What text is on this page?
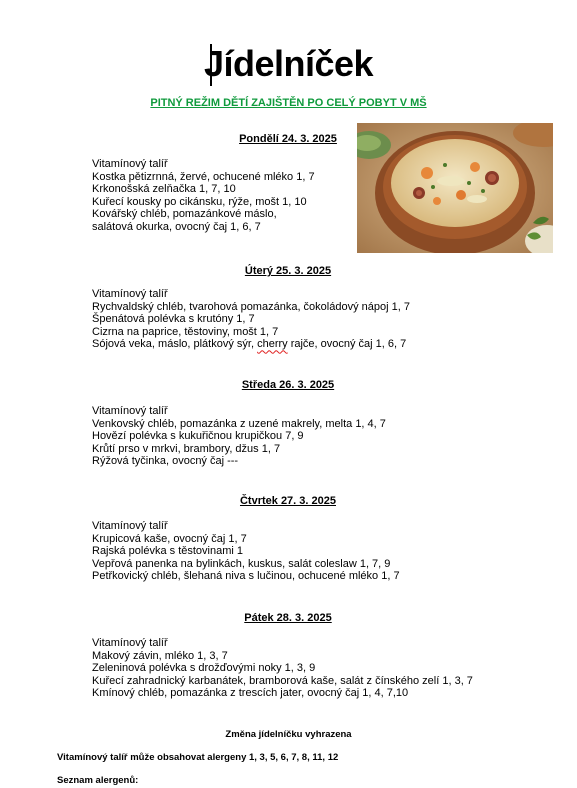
Jídelníček
PITNÝ REŽIM DĚTÍ ZAJIŠTĚN PO CELÝ POBYT V MŠ
Pondělí 24. 3. 2025
Vitamínový talíř
Kostka pětizrnná, žervé, ochucené mléko 1, 7
Krkonošská zelňačka 1, 7, 10
Kuřecí kousky po cikánsku, rýže, mošt 1, 10
Kovářský chléb, pomazánkové máslo,
salátová okurka, ovocný čaj 1, 6, 7
Úterý 25. 3. 2025
Vitamínový talíř
Rychvaldský chléb, tvarohová pomazánka, čokoládový nápoj 1, 7
Špenátová polévka s krutóny 1, 7
Cizrna na paprice, těstoviny, mošt 1, 7
Sójová veka, máslo, plátkový sýr, cherry rajče, ovocný čaj 1, 6, 7
Středa 26. 3. 2025
Vitamínový talíř
Venkovský chléb, pomazánka z uzené makrely, melta 1, 4, 7
Hovězí polévka s kukuřičnou krupičkou 7, 9
Krůtí prso v mrkvi, brambory, džus 1, 7
Rýžová tyčinka, ovocný čaj ---
Čtvrtek 27. 3. 2025
Vitamínový talíř
Krupicová kaše, ovocný čaj 1, 7
Rajská polévka s těstovinami 1
Vepřová panenka na bylinkách, kuskus, salát coleslaw 1, 7, 9
Petřkovický chléb, šlehaná niva s lučinou, ochucené mléko 1, 7
Pátek 28. 3. 2025
Vitamínový talíř
Makový závin, mléko 1, 3, 7
Zeleninová polévka s drožďovými noky 1, 3, 9
Kuřecí zahradnický karbanátek, bramborová kaše, salát z čínského zelí 1, 3, 7
Kmínový chléb, pomazánka z trescích jater, ovocný čaj 1, 4, 7,10
Změna jídelníčku vyhrazena
Vitamínový talíř může obsahovat alergeny 1, 3, 5, 6, 7, 8, 11, 12
Seznam alergenů:
